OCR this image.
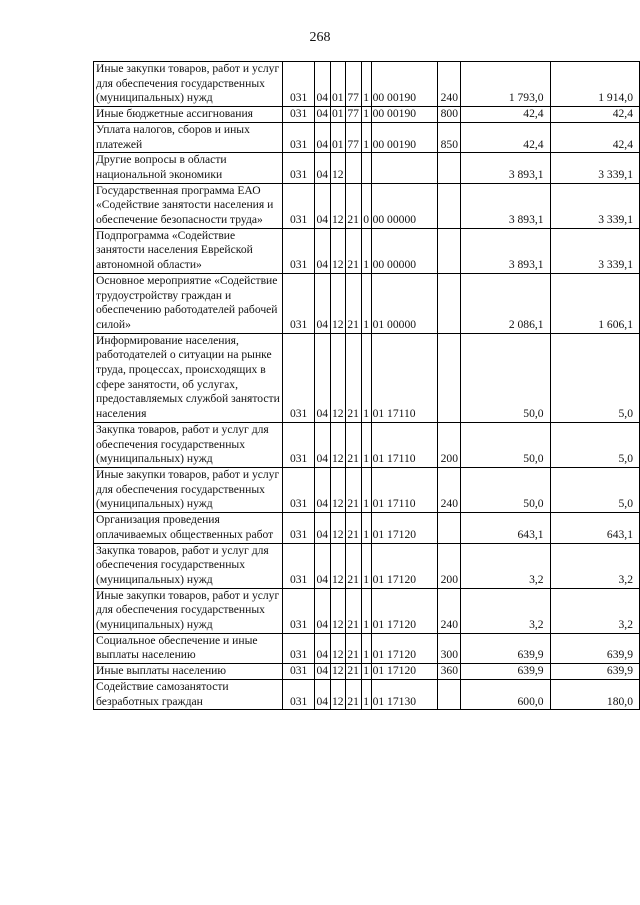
268
Иные закупки товаров, работ и услуг для обеспечения государственных (муниципальных) нужд	031	04	01	77	1	00 00190	240	1 793,0	1 914,0
Иные бюджетные ассигнования	031	04	01	77	1	00 00190	800	42,4	42,4
Уплата налогов, сборов и иных платежей	031	04	01	77	1	00 00190	850	42,4	42,4
Другие вопросы в области национальной экономики	031	04	12					3 893,1	3 339,1
Государственная программа ЕАО «Содействие занятости населения и обеспечение безопасности труда»	031	04	12	21	0	00 00000		3 893,1	3 339,1
Подпрограмма «Содействие занятости населения Еврейской автономной области»	031	04	12	21	1	00 00000		3 893,1	3 339,1
Основное мероприятие «Содействие трудоустройству граждан и обеспечению работодателей рабочей силой»	031	04	12	21	1	01 00000		2 086,1	1 606,1
Информирование населения, работодателей о ситуации на рынке труда, процессах, происходящих в сфере занятости, об услугах, предоставляемых службой занятости населения	031	04	12	21	1	01 17110		50,0	5,0
Закупка товаров, работ и услуг для обеспечения государственных (муниципальных) нужд	031	04	12	21	1	01 17110	200	50,0	5,0
Иные закупки товаров, работ и услуг для обеспечения государственных (муниципальных) нужд	031	04	12	21	1	01 17110	240	50,0	5,0
Организация проведения оплачиваемых общественных работ	031	04	12	21	1	01 17120		643,1	643,1
Закупка товаров, работ и услуг для обеспечения государственных (муниципальных) нужд	031	04	12	21	1	01 17120	200	3,2	3,2
Иные закупки товаров, работ и услуг для обеспечения государственных (муниципальных) нужд	031	04	12	21	1	01 17120	240	3,2	3,2
Социальное обеспечение и иные выплаты населению	031	04	12	21	1	01 17120	300	639,9	639,9
Иные выплаты населению	031	04	12	21	1	01 17120	360	639,9	639,9
Содействие самозанятости безработных граждан	031	04	12	21	1	01 17130		600,0	180,0
